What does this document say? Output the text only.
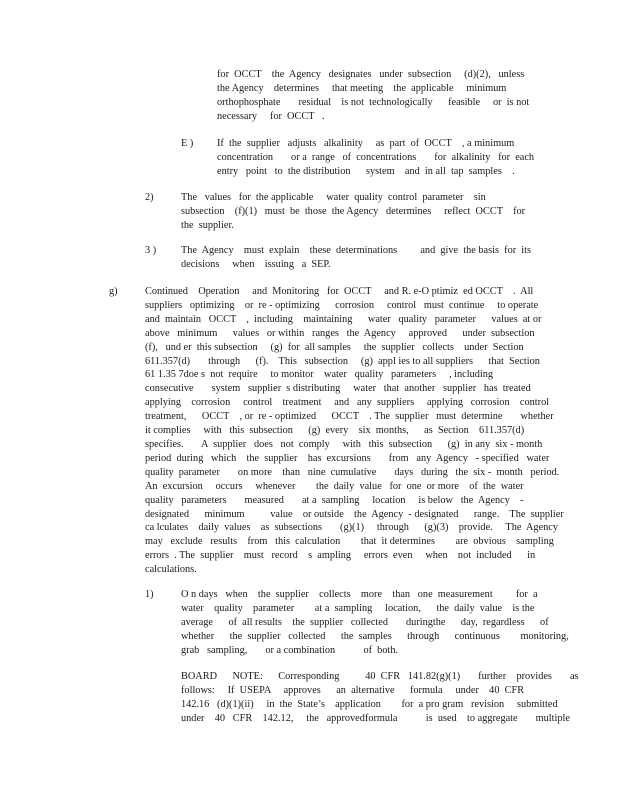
for  OCCT    the  Agency   designates   under  subsection     (d)(2),   unless
the Agency    determines     that meeting    the  applicable     minimum
orthophosphate       residual    is not  technologically      feasible     or  is not
necessary     for  OCCT   .
E ) If  the  supplier   adjusts   alkalinity     as  part  of  OCCT    , a minimum
concentration       or a  range   of  concentrations       for  alkalinity   for  each
entry   point   to  the distribution      system    and  in all  tap  samples    .
2)	The   values   for  the applicable     water  quality  control  parameter    sin
subsection    (f)(1)   must  be  those  the Agency   determines     reflect  OCCT    for
the  supplier.
3 ) The  Agency    must  explain    these  determinations         and  give  the basis  for  its
decisions     when    issuing   a  SEP.
g)	Continued    Operation     and  Monitoring   for  OCCT     and R. e-O ptimiz  ed OCCT    .  All
suppliers   optimizing    or  re - optimizing      corrosion     control   must  continue     to operate
and  maintain   OCCT    ,  including    maintaining      water   quality   parameter      values  at or
above   minimum      values   or within   ranges   the  Agency     approved      under  subsection
(f),   und er  this subsection     (g)  for  all samples     the  supplier   collects    under  Section
611.357(d)       through      (f).    This   subsection     (g)  appl ies to all suppliers      that  Section
61 1.35 7doe s  not  require     to monitor    water   quality   parameters     , including
consecutive       system   supplier  s distributing     water   that  another   supplier   has  treated
applying    corrosion     control    treatment     and   any  suppliers     applying   corrosion    control
treatment,      OCCT    , or  re - optimized      OCCT    . The  supplier   must  determine       whether
it complies     with   this  subsection      (g)  every    six  months,      as  Section    611.357(d)
specifies.       A  supplier   does   not  comply     with   this  subsection      (g)  in any  six - month
period  during   which    the  supplier    has  excursions       from   any  Agency   - specified   water
quality  parameter       on more    than   nine  cumulative       days   during   the  six -  month   period.
An  excursion     occurs     whenever        the  daily  value   for  one  or more    of  the  water
quality   parameters       measured       at a  sampling     location     is below   the  Agency    -
designated      minimum          value    or outside    the  Agency  - designated      range.    The  supplier
ca lculates    daily  values    as  subsections       (g)(1)     through      (g)(3)    provide.     The  Agency
may   exclude   results    from   this  calculation        that  it determines        are  obvious    sampling
errors  . The  supplier    must   record    s  ampling     errors  even     when    not  included      in
calculations.
1)	O n days   when    the  supplier    collects    more    than   one  measurement         for  a
water    quality    parameter        at a  sampling     location,      the  daily  value    is the
average      of  all results    the  supplier   collected       duringthe      day,  regardless      of
whether      the  supplier   collected      the  samples      through      continuous        monitoring,
grab   sampling,       or a combination           of  both.
BOARD      NOTE:      Corresponding          40  CFR   141.82(g)(1)       further    provides       as
follows:     If  USEPA     approves      an  alternative      formula     under    40  CFR
142.16   (d)(1)(ii)     in  the  State’s    application        for  a pro gram   revision     submitted
under    40   CFR    142.12,     the   approvedformula           is  used    to aggregate       multiple
